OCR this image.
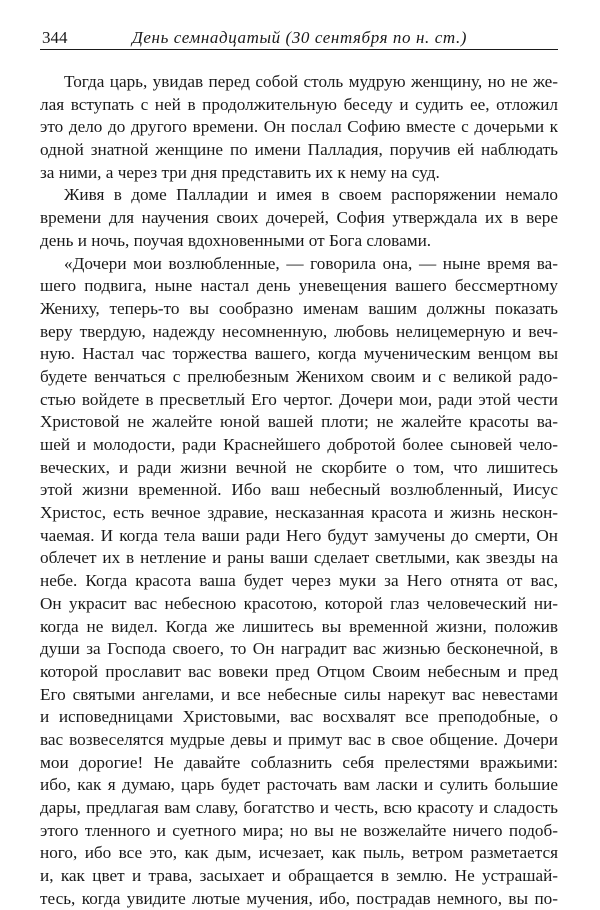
344	День семнадцатый (30 сентября по н. ст.)
Тогда царь, увидав перед собой столь мудрую женщину, но не же-
лая вступать с ней в продолжительную беседу и судить ее, отложил
это дело до другого времени. Он послал Софию вместе с дочерьми к
одной знатной женщине по имени Палладия, поручив ей наблюдать
за ними, а через три дня представить их к нему на суд.
Живя в доме Палладии и имея в своем распоряжении немало
времени для научения своих дочерей, София утверждала их в вере
день и ночь, поучая вдохновенными от Бога словами.
«Дочери мои возлюбленные, — говорила она, — ныне время ва-
шего подвига, ныне настал день уневещения вашего бессмертному
Жениху, теперь-то вы сообразно именам вашим должны показать
веру твердую, надежду несомненную, любовь нелицемерную и веч-
ную. Настал час торжества вашего, когда мученическим венцом вы
будете венчаться с прелюбезным Женихом своим и с великой радо-
стью войдете в пресветлый Его чертог. Дочери мои, ради этой чести
Христовой не жалейте юной вашей плоти; не жалейте красоты ва-
шей и молодости, ради Краснейшего добротой более сыновей чело-
веческих, и ради жизни вечной не скорбите о том, что лишитесь
этой жизни временной. Ибо ваш небесный возлюбленный, Иисус
Христос, есть вечное здравие, несказанная красота и жизнь нескон-
чаемая. И когда тела ваши ради Него будут замучены до смерти, Он
облечет их в нетление и раны ваши сделает светлыми, как звезды на
небе. Когда красота ваша будет через муки за Него отнята от вас,
Он украсит вас небесною красотою, которой глаз человеческий ни-
когда не видел. Когда же лишитесь вы временной жизни, положив
души за Господа своего, то Он наградит вас жизнью бесконечной, в
которой прославит вас вовеки пред Отцом Своим небесным и пред
Его святыми ангелами, и все небесные силы нарекут вас невестами
и исповедницами Христовыми, вас восхвалят все преподобные, о
вас возвеселятся мудрые девы и примут вас в свое общение. Дочери
мои дорогие! Не давайте соблазнить себя прелестями вражьими:
ибо, как я думаю, царь будет расточать вам ласки и сулить большие
дары, предлагая вам славу, богатство и честь, всю красоту и сладость
этого тленного и суетного мира; но вы не возжелайте ничего подоб-
ного, ибо все это, как дым, исчезает, как пыль, ветром разметается
и, как цвет и трава, засыхает и обращается в землю. Не устрашай-
тесь, когда увидите лютые мучения, ибо, пострадав немного, вы по-
